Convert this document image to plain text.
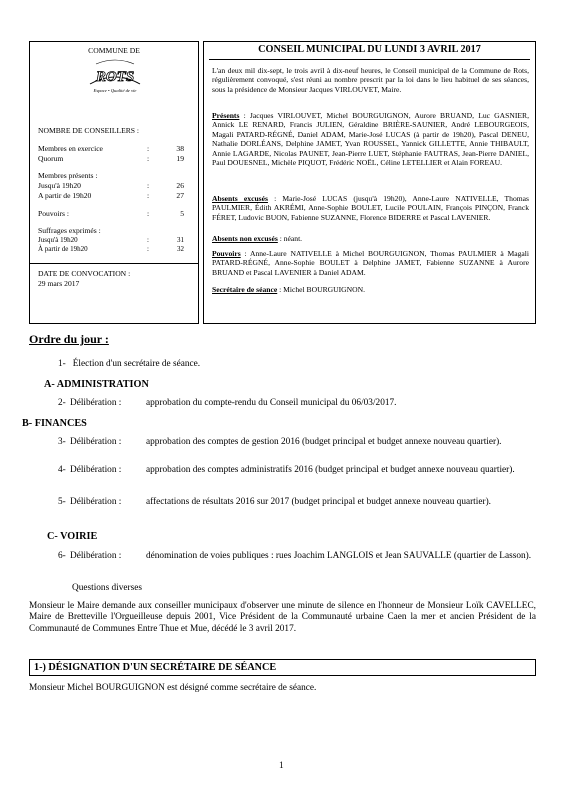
COMMUNE DE
ROTS
Espace • Qualité de vie
NOMBRE DE CONSEILLERS :
Membres en exercice	:	38
Quorum	:	19
Membres présents :
Jusqu'à 19h20	:	26
A partir de 19h20	:	27
Pouvoirs :	:	5
Suffrages exprimés :
Jusqu'à 19h20	:	31
À partir de 19h20	:	32
DATE DE CONVOCATION :
29 mars 2017
CONSEIL MUNICIPAL DU LUNDI 3 AVRIL 2017
L'an deux mil dix-sept, le trois avril à dix-neuf heures, le Conseil municipal de la Commune de Rots, régulièrement convoqué, s'est réuni au nombre prescrit par la loi dans le lieu habituel de ses séances, sous la présidence de Monsieur Jacques VIRLOUVET, Maire.
Présents : Jacques VIRLOUVET, Michel BOURGUIGNON, Aurore BRUAND, Luc GASNIER, Annick LE RENARD, Francis JULIEN, Géraldine BRIÈRE-SAUNIER, André LEBOURGEOIS, Magali PATARD-RÉGNÉ, Daniel ADAM, Marie-José LUCAS (à partir de 19h20), Pascal DENEU, Nathalie DORLÉANS, Delphine JAMET, Yvan ROUSSEL, Yannick GILLETTE, Annie THIBAULT, Annie LAGARDE, Nicolas PAUNET, Jean-Pierre LUET, Stéphanie FAUTRAS, Jean-Pierre DANIEL, Paul DOUESNEL, Michèle PIQUOT, Frédéric NOËL, Céline LETELLIER et Alain FOREAU.
Absents excusés : Marie-José LUCAS (jusqu'à 19h20), Anne-Laure NATIVELLE, Thomas PAULMIER, Édith AKRÉMI, Anne-Sophie BOULET, Lucile POULAIN, François PINÇON, Franck FÉRET, Ludovic BUON, Fabienne SUZANNE, Florence BIDERRE et Pascal LAVENIER.
Absents non excusés : néant.
Pouvoirs : Anne-Laure NATIVELLE à Michel BOURGUIGNON, Thomas PAULMIER à Magali PATARD-RÉGNÉ, Anne-Sophie BOULET à Delphine JAMET, Fabienne SUZANNE à Aurore BRUAND et Pascal LAVENIER à Daniel ADAM.
Secrétaire de séance : Michel BOURGUIGNON.
Ordre du jour :
1- Élection d'un secrétaire de séance.
A- ADMINISTRATION
2- Délibération :	approbation du compte-rendu du Conseil municipal du 06/03/2017.
B- FINANCES
3- Délibération :	approbation des comptes de gestion 2016 (budget principal et budget annexe nouveau quartier).
4- Délibération :	approbation des comptes administratifs 2016 (budget principal et budget annexe nouveau quartier).
5- Délibération :	affectations de résultats 2016 sur 2017 (budget principal et budget annexe nouveau quartier).
C- VOIRIE
6- Délibération :	dénomination de voies publiques : rues Joachim LANGLOIS et Jean SAUVALLE (quartier de Lasson).
Questions diverses
Monsieur le Maire demande aux conseiller municipaux d'observer une minute de silence en l'honneur de Monsieur Loïk CAVELLEC, Maire de Bretteville l'Orgueilleuse depuis 2001, Vice Président de la Communauté urbaine Caen la mer et ancien Président de la Communauté de Communes Entre Thue et Mue, décédé le 3 avril 2017.
1-) DÉSIGNATION D'UN SECRÉTAIRE DE SÉANCE
Monsieur Michel BOURGUIGNON est désigné comme secrétaire de séance.
1
